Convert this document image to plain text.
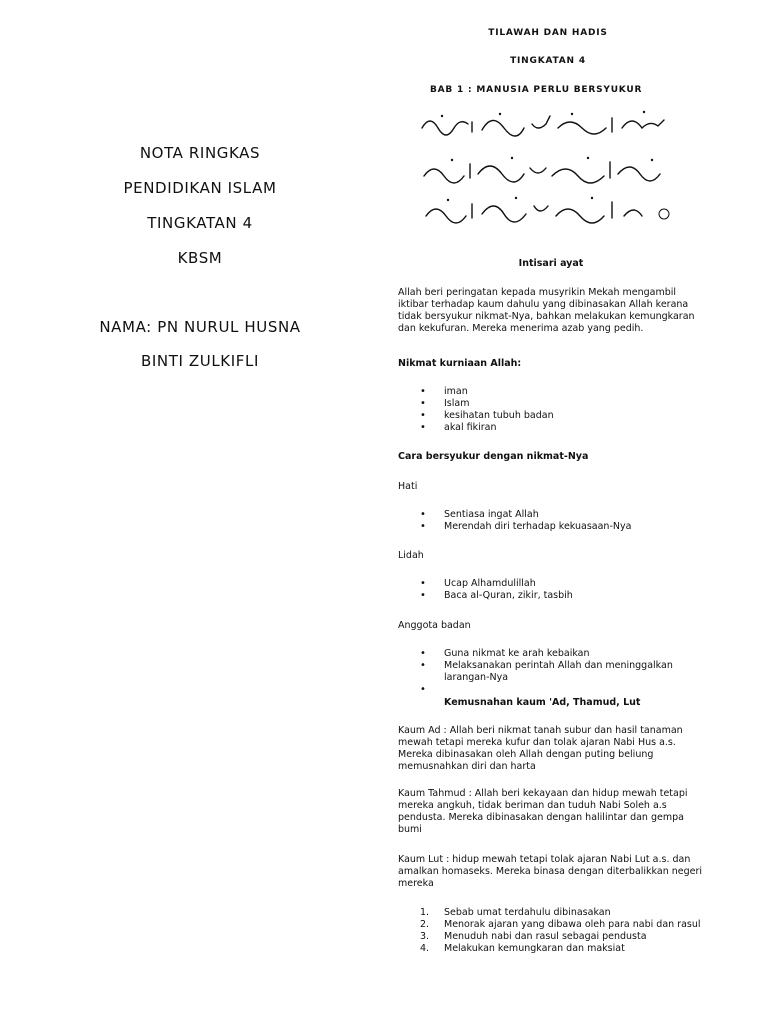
NOTA RINGKAS

PENDIDIKAN ISLAM

TINGKATAN 4

KBSM

NAMA: PN NURUL HUSNA

BINTI ZULKIFLI

TILAWAH DAN HADIS
TINGKATAN 4
BAB 1 : MANUSIA PERLU BERSYUKUR
Intisari ayat
Allah beri peringatan kepada musyrikin Mekah mengambil iktibar terhadap kaum dahulu yang dibinasakan Allah kerana tidak bersyukur nikmat-Nya, bahkan melakukan kemungkaran dan kekufuran. Mereka menerima azab yang pedih.
Nikmat kurniaan Allah:
• iman
• Islam
• kesihatan tubuh badan
• akal fikiran
Cara bersyukur dengan nikmat-Nya
Hati
• Sentiasa ingat Allah
• Merendah diri terhadap kekuasaan-Nya
Lidah
• Ucap Alhamdulillah
• Baca al-Quran, zikir, tasbih
Anggota badan
• Guna nikmat ke arah kebaikan
• Melaksanakan perintah Allah dan meninggalkan larangan-Nya
Kemusnahan kaum 'Ad, Thamud, Lut
Kaum Ad : Allah beri nikmat tanah subur dan hasil tanaman mewah tetapi mereka kufur dan tolak ajaran Nabi Hus a.s. Mereka dibinasakan oleh Allah dengan puting beliung memusnahkan diri dan harta
Kaum Tahmud : Allah beri kekayaan dan hidup mewah tetapi mereka angkuh, tidak beriman dan tuduh Nabi Soleh a.s pendusta. Mereka dibinasakan dengan halilintar dan gempa bumi
Kaum Lut : hidup mewah tetapi tolak ajaran Nabi Lut a.s. dan amalkan homaseks. Mereka binasa dengan diterbalikkan negeri mereka
1. Sebab umat terdahulu dibinasakan
2. Menorak ajaran yang dibawa oleh para nabi dan rasul
3. Menuduh nabi dan rasul sebagai pendusta
4. Melakukan kemungkaran dan maksiat
